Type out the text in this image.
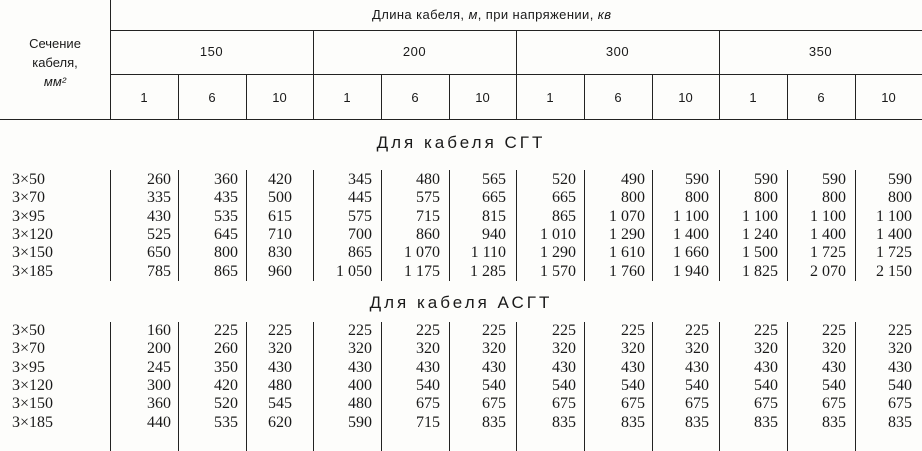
Сечение
кабеля,
мм²
Длина кабеля, м, при напряжении, кв
150	200	300	350
1	6	10	1	6	10	1	6	10	1	6	10
Для кабеля СГТ
Для кабеля АСГТ
3×50	260	360	420	345	480	565	520	490	590	590	590	590
3×70	335	435	500	445	575	665	665	800	800	800	800	800
3×95	430	535	615	575	715	815	865	1 070	1 100	1 100	1 100	1 100
3×120	525	645	710	700	860	940	1 010	1 290	1 400	1 240	1 400	1 400
3×150	650	800	830	865	1 070	1 110	1 290	1 610	1 660	1 500	1 725	1 725
3×185	785	865	960	1 050	1 175	1 285	1 570	1 760	1 940	1 825	2 070	2 150
3×50	160	225	225	225	225	225	225	225	225	225	225	225
3×70	200	260	320	320	320	320	320	320	320	320	320	320
3×95	245	350	430	430	430	430	430	430	430	430	430	430
3×120	300	420	480	400	540	540	540	540	540	540	540	540
3×150	360	520	545	480	675	675	675	675	675	675	675	675
3×185	440	535	620	590	715	835	835	835	835	835	835	835
